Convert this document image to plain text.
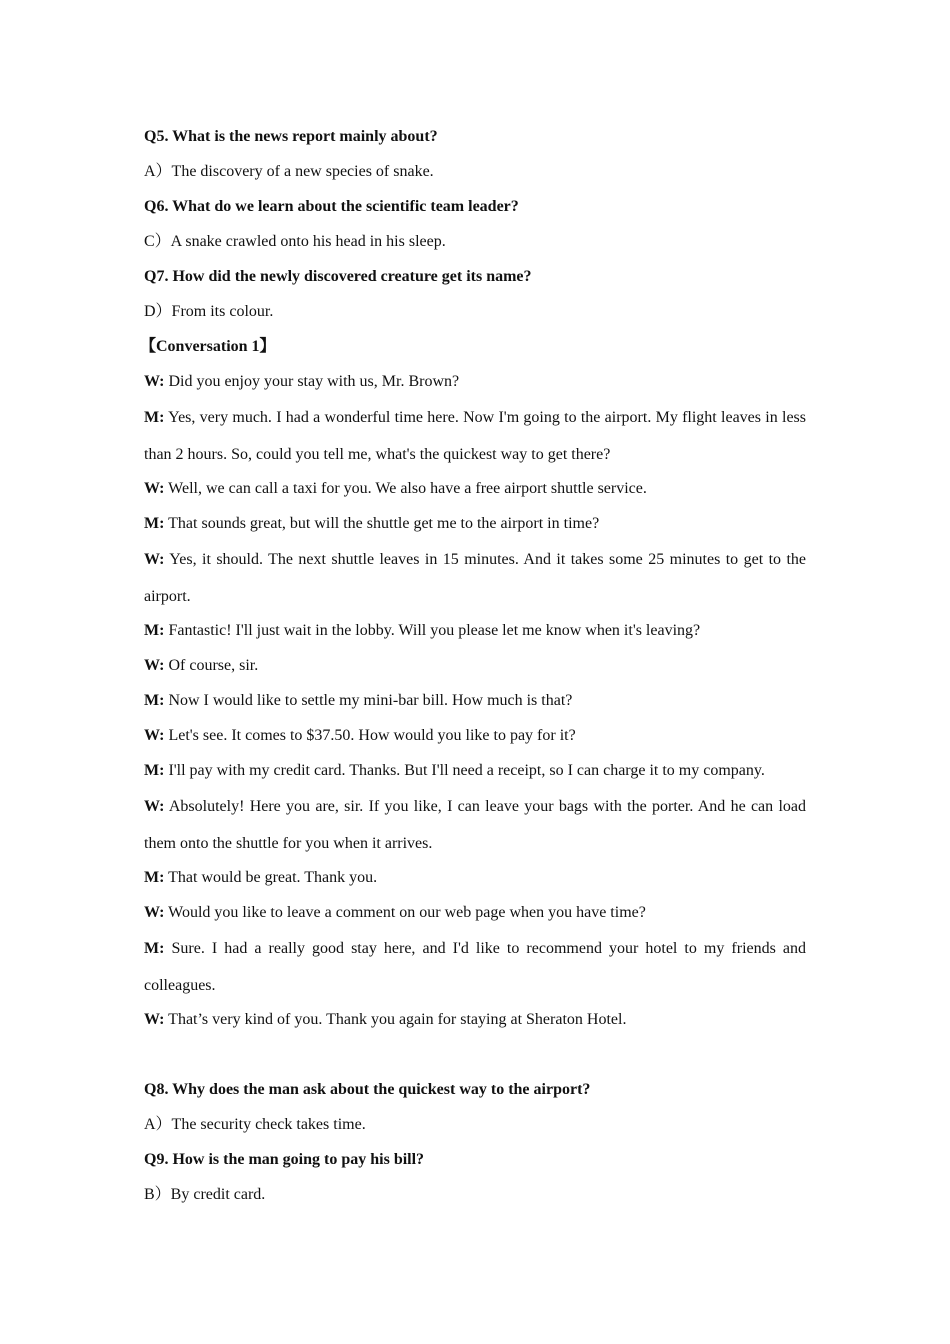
Q5. What is the news report mainly about?

A）The discovery of a new species of snake.

Q6. What do we learn about the scientific team leader?

C）A snake crawled onto his head in his sleep.

Q7. How did the newly discovered creature get its name?

D）From its colour.

【Conversation 1】

W: Did you enjoy your stay with us, Mr. Brown?

M: Yes, very much. I had a wonderful time here. Now I'm going to the airport. My flight leaves in less than 2 hours. So, could you tell me, what's the quickest way to get there?

W: Well, we can call a taxi for you. We also have a free airport shuttle service.

M: That sounds great, but will the shuttle get me to the airport in time?

W: Yes, it should. The next shuttle leaves in 15 minutes. And it takes some 25 minutes to get to the airport.

M: Fantastic! I'll just wait in the lobby. Will you please let me know when it's leaving?

W: Of course, sir.

M: Now I would like to settle my mini-bar bill. How much is that?

W: Let's see. It comes to $37.50. How would you like to pay for it?

M: I'll pay with my credit card. Thanks. But I'll need a receipt, so I can charge it to my company.

W: Absolutely! Here you are, sir. If you like, I can leave your bags with the porter. And he can load them onto the shuttle for you when it arrives.

M: That would be great. Thank you.

W: Would you like to leave a comment on our web page when you have time?

M: Sure. I had a really good stay here, and I'd like to recommend your hotel to my friends and colleagues.

W: That’s very kind of you. Thank you again for staying at Sheraton Hotel.

Q8. Why does the man ask about the quickest way to the airport?

A）The security check takes time.

Q9. How is the man going to pay his bill?

B）By credit card.
